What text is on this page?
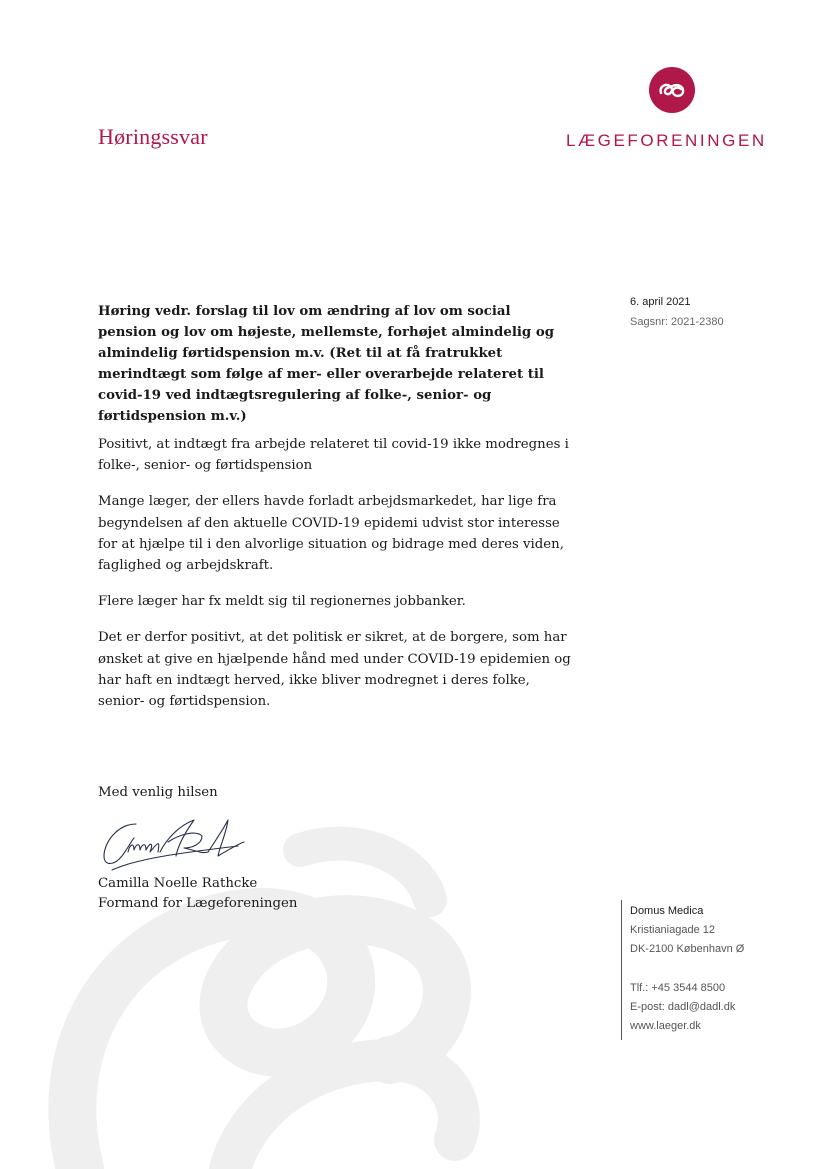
Høringssvar	LÆGEFORENINGEN
6. april 2021
Sagsnr: 2021-2380
Høring vedr. forslag til lov om ændring af lov om social pension og lov om højeste, mellemste, forhøjet almindelig og almindelig førtidspension m.v. (Ret til at få fratrukket merindtægt som følge af mer- eller overarbejde relateret til covid-19 ved indtægtsregulering af folke-, senior- og førtidspension m.v.)

Positivt, at indtægt fra arbejde relateret til covid-19 ikke modregnes i folke-, senior- og førtidspension

Mange læger, der ellers havde forladt arbejdsmarkedet, har lige fra begyndelsen af den aktuelle COVID-19 epidemi udvist stor interesse for at hjælpe til i den alvorlige situation og bidrage med deres viden, faglighed og arbejdskraft.

Flere læger har fx meldt sig til regionernes jobbanker.

Det er derfor positivt, at det politisk er sikret, at de borgere, som har ønsket at give en hjælpende hånd med under COVID-19 epidemien og har haft en indtægt herved, ikke bliver modregnet i deres folke, senior- og førtidspension.

Med venlig hilsen
Camilla Noelle Rathcke
Formand for Lægeforeningen	Domus Medica
Kristianiagade 12
DK-2100 København Ø
Tlf.: +45 3544 8500
E-post: dadl@dadl.dk
www.laeger.dk
